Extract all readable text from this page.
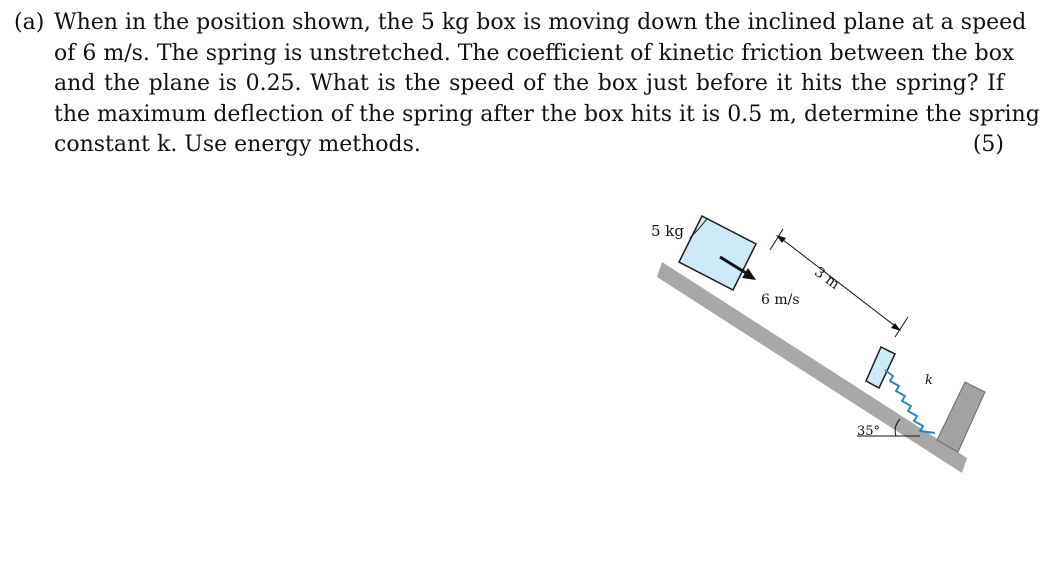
(a) When in the position shown, the 5 kg box is moving down the inclined plane at a speed
of 6 m/s. The spring is unstretched. The coefficient of kinetic friction between the box
and the plane is 0.25. What is the speed of the box just before it hits the spring? If
the maximum deflection of the spring after the box hits it is 0.5 m, determine the spring
constant k. Use energy methods.	(5)
5 kg
6 m/s
3 m
k
35°
